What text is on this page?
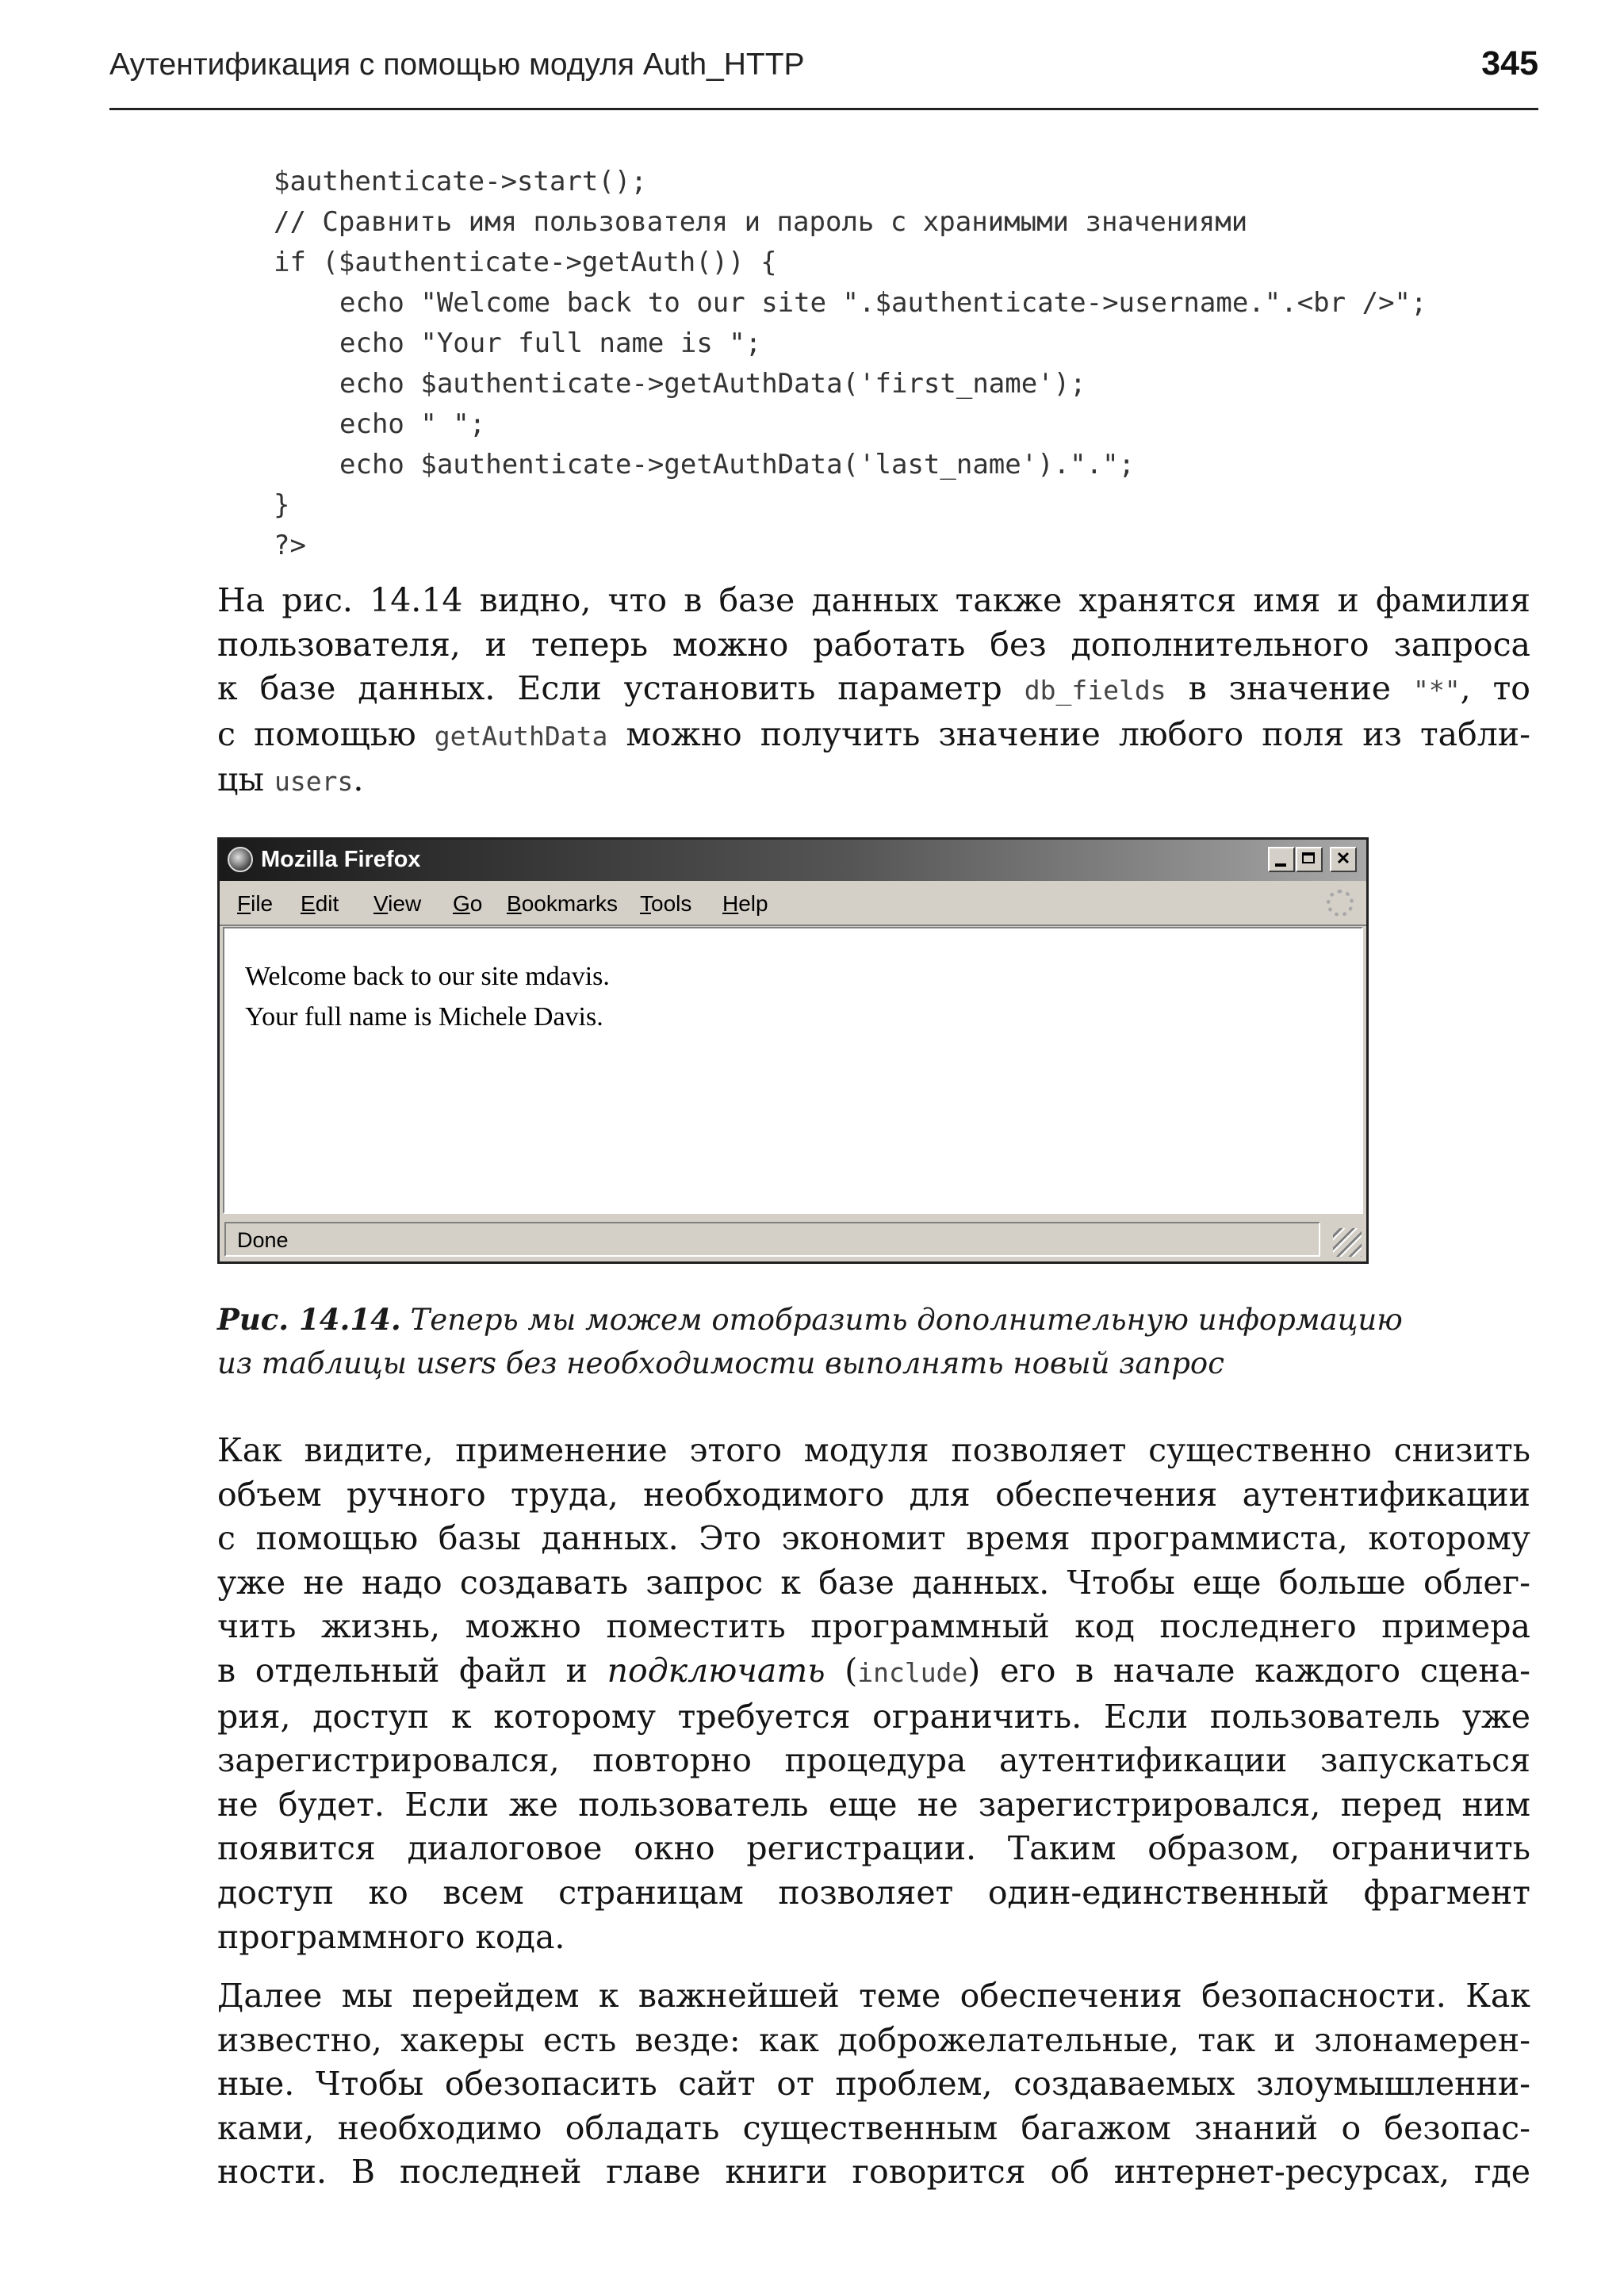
Аутентификация с помощью модуля Auth_HTTP	345
$authenticate->start();
// Сравнить имя пользователя и пароль с хранимыми значениями
if ($authenticate->getAuth()) {
echo "Welcome back to our site ".$authenticate->username.".<br />";
echo "Your full name is ";
echo $authenticate->getAuthData('first_name');
echo " ";
echo $authenticate->getAuthData('last_name').".";
}
?>
На рис. 14.14 видно, что в базе данных также хранятся имя и фамилия
пользователя, и теперь можно работать без дополнительного запроса
к базе данных. Если установить параметр db_fields в значение "*", то
с помощью getAuthData можно получить значение любого поля из табли-
цы users.
Mozilla Firefox	✕
File Edit View Go Bookmarks Tools Help
Welcome back to our site mdavis.
Your full name is Michele Davis.
Done
Рис. 14.14. Теперь мы можем отобразить дополнительную информацию
из таблицы users без необходимости выполнять новый запрос
Как видите, применение этого модуля позволяет существенно снизить
объем ручного труда, необходимого для обеспечения аутентификации
с помощью базы данных. Это экономит время программиста, которому
уже не надо создавать запрос к базе данных. Чтобы еще больше облег-
чить жизнь, можно поместить программный код последнего примера
в отдельный файл и подключать (include) его в начале каждого сцена-
рия, доступ к которому требуется ограничить. Если пользователь уже
зарегистрировался, повторно процедура аутентификации запускаться
не будет. Если же пользователь еще не зарегистрировался, перед ним
появится диалоговое окно регистрации. Таким образом, ограничить
доступ ко всем страницам позволяет один-единственный фрагмент
программного кода.
Далее мы перейдем к важнейшей теме обеспечения безопасности. Как
известно, хакеры есть везде: как доброжелательные, так и злонамерен-
ные. Чтобы обезопасить сайт от проблем, создаваемых злоумышленни-
ками, необходимо обладать существенным багажом знаний о безопас-
ности. В последней главе книги говорится об интернет-ресурсах, где
